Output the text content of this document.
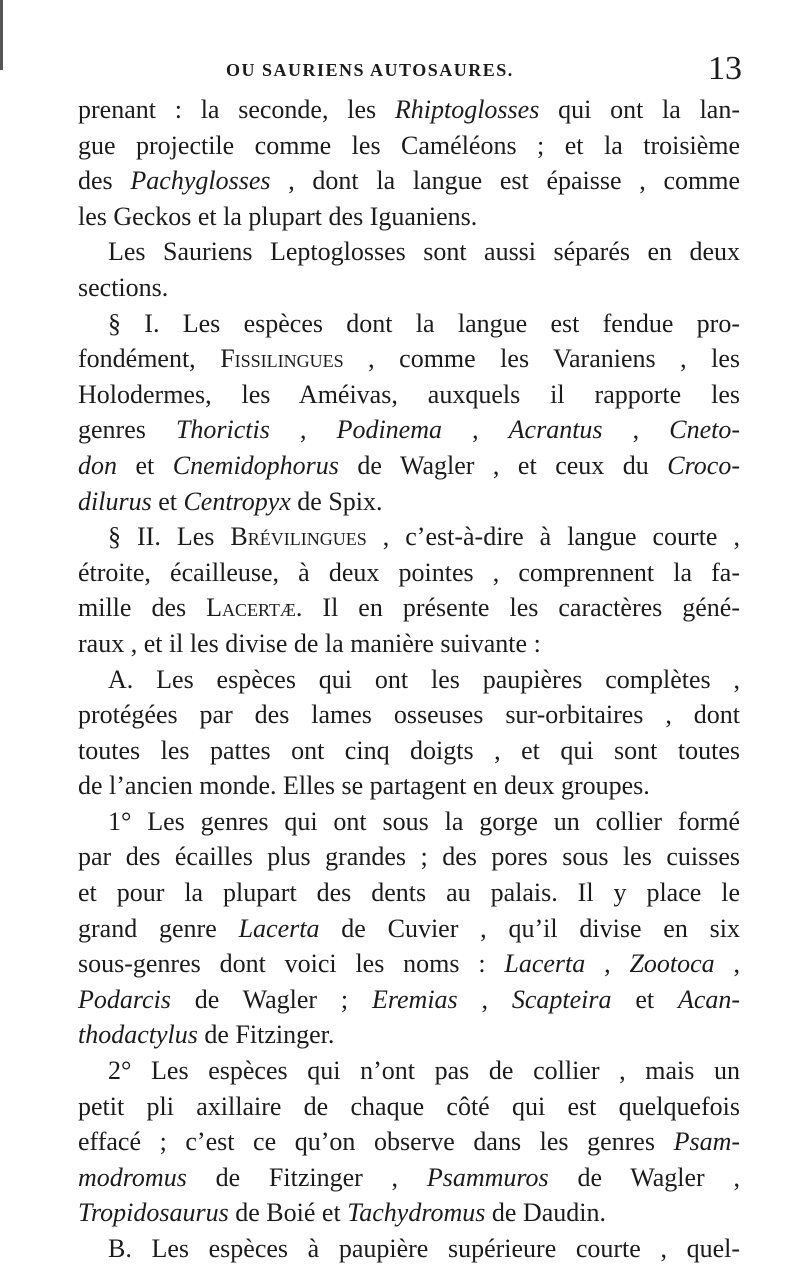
OU SAURIENS AUTOSAURES.	13
prenant : la seconde, les Rhiptoglosses qui ont la lan-
gue projectile comme les Caméléons ; et la troisième
des Pachyglosses , dont la langue est épaisse , comme
les Geckos et la plupart des Iguaniens.
Les Sauriens Leptoglosses sont aussi séparés en deux
sections.
§ I. Les espèces dont la langue est fendue pro-
fondément, Fissilingues , comme les Varaniens , les
Holodermes, les Améivas, auxquels il rapporte les
genres Thorictis , Podinema , Acrantus , Cneto-
don et Cnemidophorus de Wagler , et ceux du Croco-
dilurus et Centropyx de Spix.
§ II. Les Brévilingues , c’est-à-dire à langue courte ,
étroite, écailleuse, à deux pointes , comprennent la fa-
mille des Lacertæ. Il en présente les caractères géné-
raux , et il les divise de la manière suivante :
A. Les espèces qui ont les paupières complètes ,
protégées par des lames osseuses sur-orbitaires , dont
toutes les pattes ont cinq doigts , et qui sont toutes
de l’ancien monde. Elles se partagent en deux groupes.
1° Les genres qui ont sous la gorge un collier formé
par des écailles plus grandes ; des pores sous les cuisses
et pour la plupart des dents au palais. Il y place le
grand genre Lacerta de Cuvier , qu’il divise en six
sous-genres dont voici les noms : Lacerta , Zootoca ,
Podarcis de Wagler ; Eremias , Scapteira et Acan-
thodactylus de Fitzinger.
2° Les espèces qui n’ont pas de collier , mais un
petit pli axillaire de chaque côté qui est quelquefois
effacé ; c’est ce qu’on observe dans les genres Psam-
modromus de Fitzinger , Psammuros de Wagler ,
Tropidosaurus de Boié et Tachydromus de Daudin.
B. Les espèces à paupière supérieure courte , quel-
